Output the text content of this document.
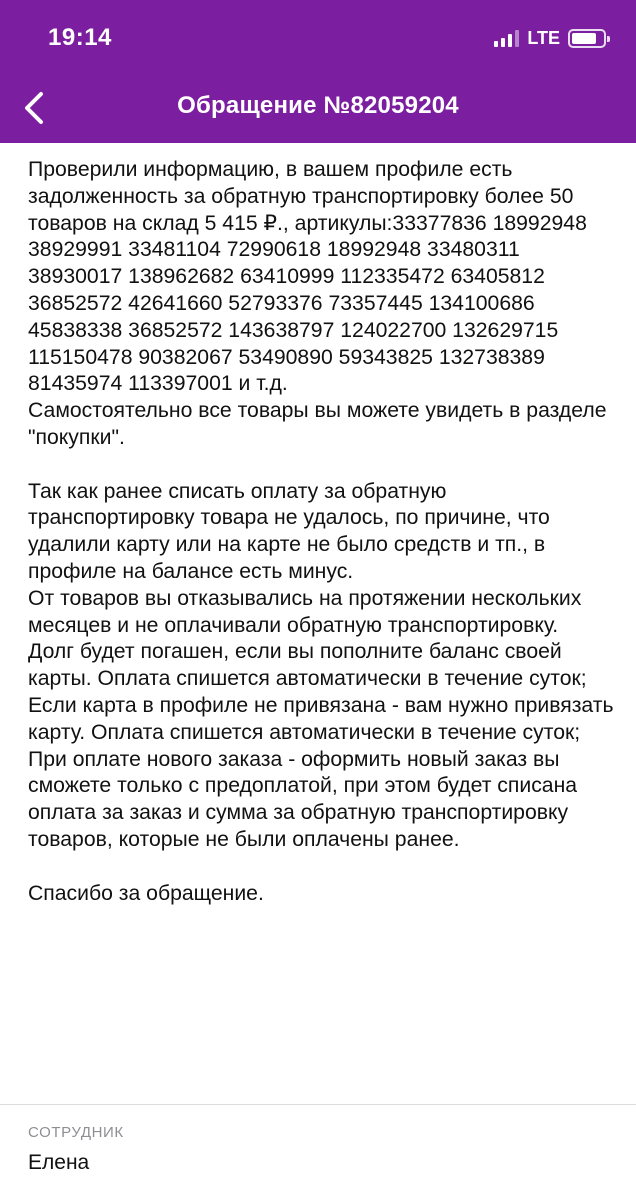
19:14	LTE
Обращение №82059204
Проверили информацию, в вашем профиле есть задолженность за обратную транспортировку более 50 товаров на склад 5 415 ₽., артикулы:33377836 18992948 38929991 33481104 72990618 18992948 33480311 38930017 138962682 63410999 112335472 63405812 36852572 42641660 52793376 73357445 134100686 45838338 36852572 143638797 124022700 132629715 115150478 90382067 53490890 59343825 132738389 81435974 113397001 и т.д.
Самостоятельно все товары вы можете увидеть в разделе "покупки".
Так как ранее списать оплату за обратную транспортировку товара не удалось, по причине, что удалили карту или на карте не было средств и тп., в профиле на балансе есть минус.
От товаров вы отказывались на протяжении нескольких месяцев и не оплачивали обратную транспортировку.
Долг будет погашен, если вы пополните баланс своей карты. Оплата спишется автоматически в течение суток;
Если карта в профиле не привязана - вам нужно привязать карту. Оплата спишется автоматически в течение суток;
При оплате нового заказа - оформить новый заказ вы сможете только с предоплатой, при этом будет списана оплата за заказ и сумма за обратную транспортировку товаров, которые не были оплачены ранее.
Спасибо за обращение.
СОТРУДНИК
Елена
